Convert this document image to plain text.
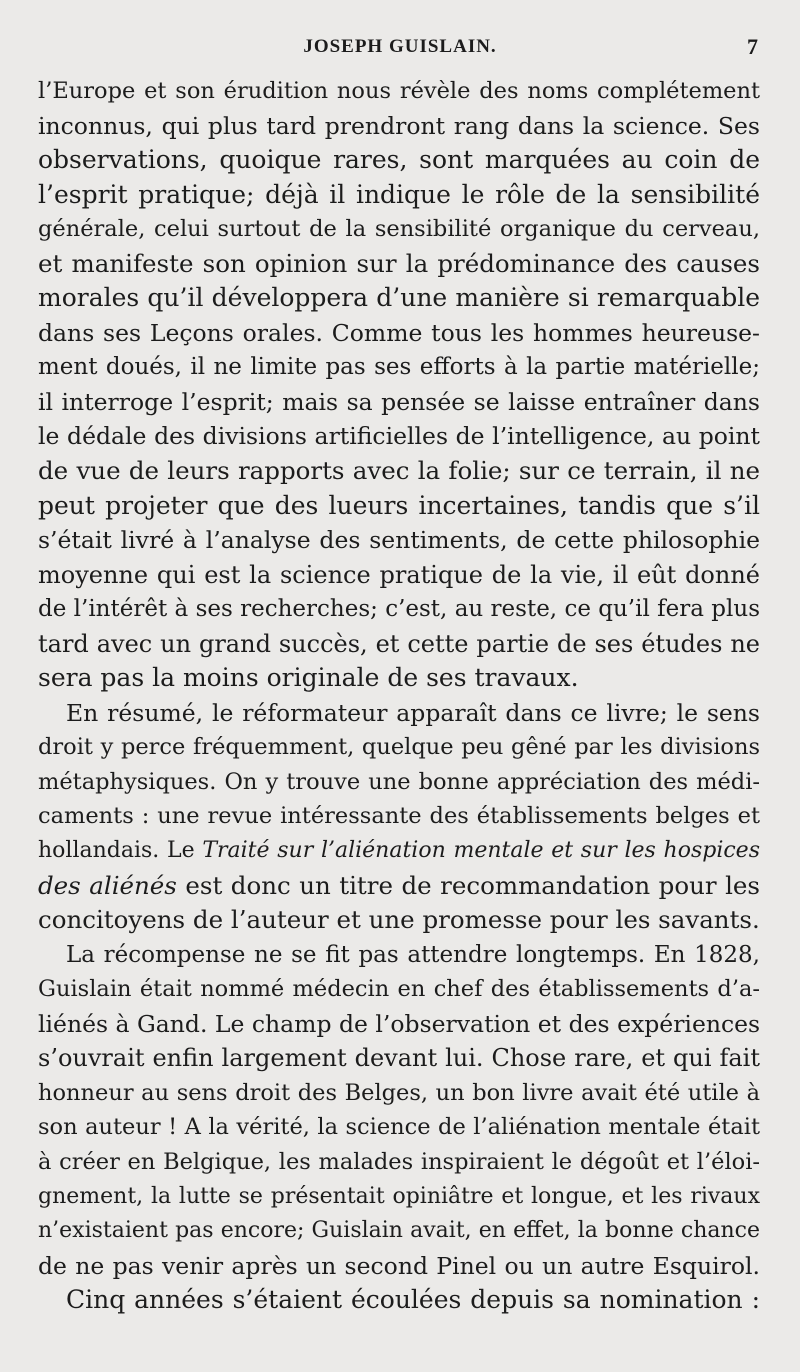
JOSEPH GUISLAIN.	7
l’Europe et son érudition nous révèle des noms complétement
inconnus, qui plus tard prendront rang dans la science. Ses
observations, quoique rares, sont marquées au coin de
l’esprit pratique; déjà il indique le rôle de la sensibilité
générale, celui surtout de la sensibilité organique du cerveau,
et manifeste son opinion sur la prédominance des causes
morales qu’il développera d’une manière si remarquable
dans ses Leçons orales. Comme tous les hommes heureuse-
ment doués, il ne limite pas ses efforts à la partie matérielle;
il interroge l’esprit; mais sa pensée se laisse entraîner dans
le dédale des divisions artificielles de l’intelligence, au point
de vue de leurs rapports avec la folie; sur ce terrain, il ne
peut projeter que des lueurs incertaines, tandis que s’il
s’était livré à l’analyse des sentiments, de cette philosophie
moyenne qui est la science pratique de la vie, il eût donné
de l’intérêt à ses recherches; c’est, au reste, ce qu’il fera plus
tard avec un grand succès, et cette partie de ses études ne
sera pas la moins originale de ses travaux.
En résumé, le réformateur apparaît dans ce livre; le sens
droit y perce fréquemment, quelque peu gêné par les divisions
métaphysiques. On y trouve une bonne appréciation des médi-
caments : une revue intéressante des établissements belges et
hollandais. Le Traité sur l’aliénation mentale et sur les hospices
des aliénés est donc un titre de recommandation pour les
concitoyens de l’auteur et une promesse pour les savants.
La récompense ne se fit pas attendre longtemps. En 1828,
Guislain était nommé médecin en chef des établissements d’a-
liénés à Gand. Le champ de l’observation et des expériences
s’ouvrait enfin largement devant lui. Chose rare, et qui fait
honneur au sens droit des Belges, un bon livre avait été utile à
son auteur ! A la vérité, la science de l’aliénation mentale était
à créer en Belgique, les malades inspiraient le dégoût et l’éloi-
gnement, la lutte se présentait opiniâtre et longue, et les rivaux
n’existaient pas encore; Guislain avait, en effet, la bonne chance
de ne pas venir après un second Pinel ou un autre Esquirol.
Cinq années s’étaient écoulées depuis sa nomination :
